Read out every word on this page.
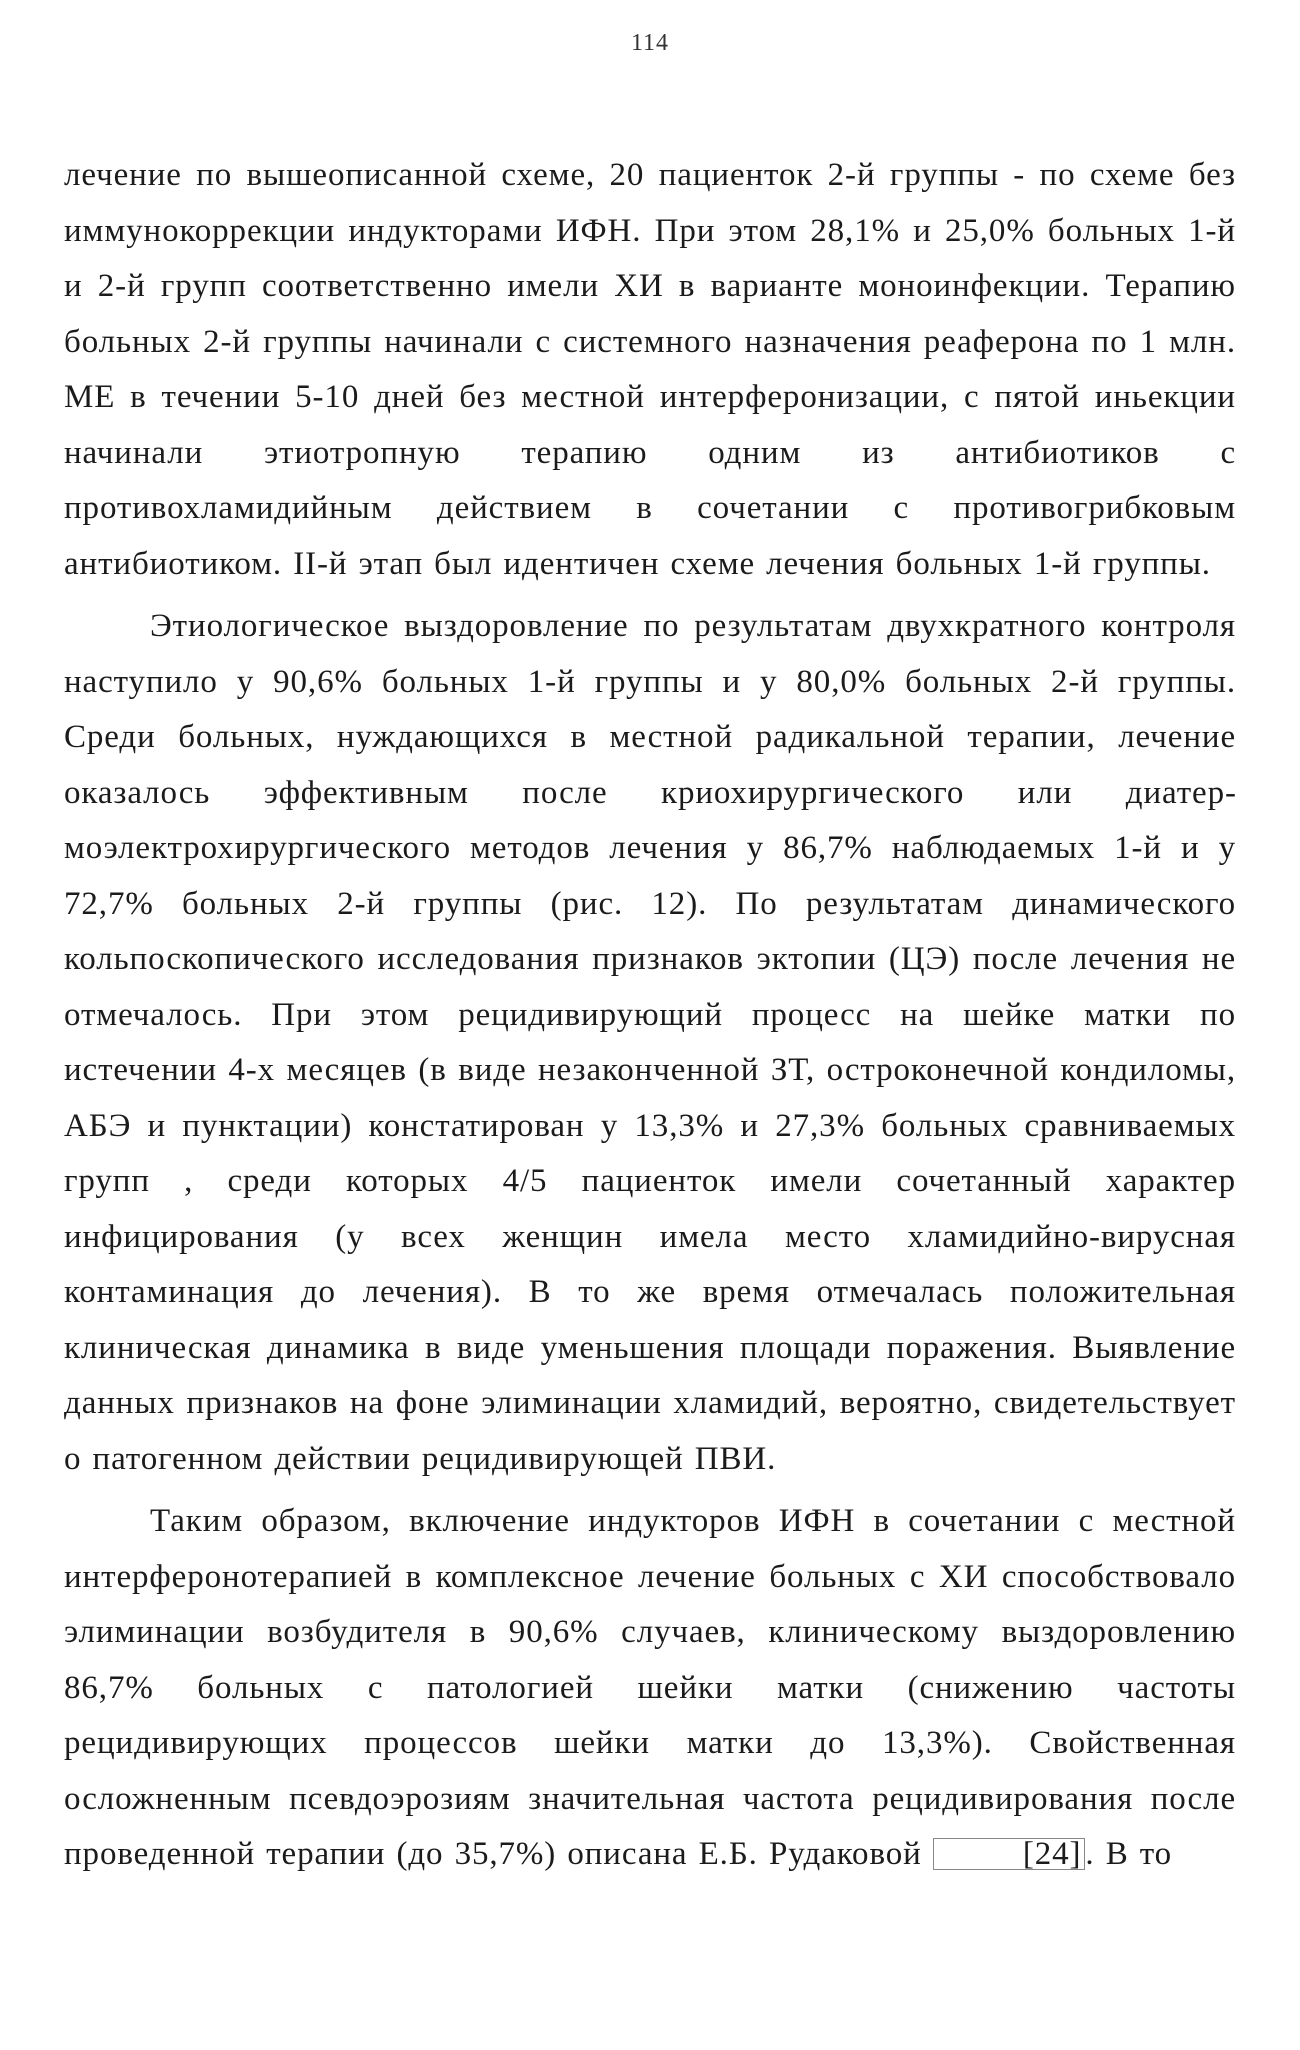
114

лечение по вышеописанной схеме, 20 пациенток 2-й группы - по схеме без иммунокоррекции индукторами ИФН. При этом 28,1% и 25,0% больных 1-й и 2-й групп соответственно имели ХИ в варианте моноинфекции. Терапию больных 2-й группы начинали с системного назначения реаферона по 1 млн. МЕ в течении 5-10 дней без местной интерферонизации, с пятой иньекции начинали этиотропную терапию одним из антибиотиков с противохламидийным действием в сочетании с противогрибковым антибиотиком. II-й этап был идентичен схеме лечения больных 1-й группы.

Этиологическое выздоровление по результатам двухкратного контроля наступило у 90,6% больных 1-й группы и у 80,0% больных 2-й группы. Среди больных, нуждающихся в местной радикальной терапии, лечение оказалось эффективным после криохирургического или диатермоэлектрохирургического методов лечения у 86,7% наблюдаемых 1-й и у 72,7% больных 2-й группы (рис. 12). По результатам динамического кольпоскопического исследования признаков эктопии (ЦЭ) после лечения не отмечалось. При этом рецидивирующий процесс на шейке матки по истечении 4-х месяцев (в виде незаконченной ЗТ, остроконечной кондиломы, АБЭ и пунктации) констатирован у 13,3% и 27,3% больных сравниваемых групп , среди которых 4/5 пациенток имели сочетанный характер инфицирования (у всех женщин имела место хламидийно-вирусная контаминация до лечения). В то же время отмечалась положительная клиническая динамика в виде уменьшения площади поражения. Выявление данных признаков на фоне элиминации хламидий, вероятно, свидетельствует о патогенном действии рецидивирующей ПВИ.

Таким образом, включение индукторов ИФН в сочетании с местной интерферонотерапией в комплексное лечение больных с ХИ способствовало элиминации возбудителя в 90,6% случаев, клиническому выздоровлению 86,7% больных с патологией шейки матки (снижению частоты рецидивирующих процессов шейки матки до 13,3%). Свойственная осложненным псевдоэрозиям значительная частота рецидивирования после проведенной терапии (до 35,7%) описана Е.Б. Рудаковой	[24] . В то
